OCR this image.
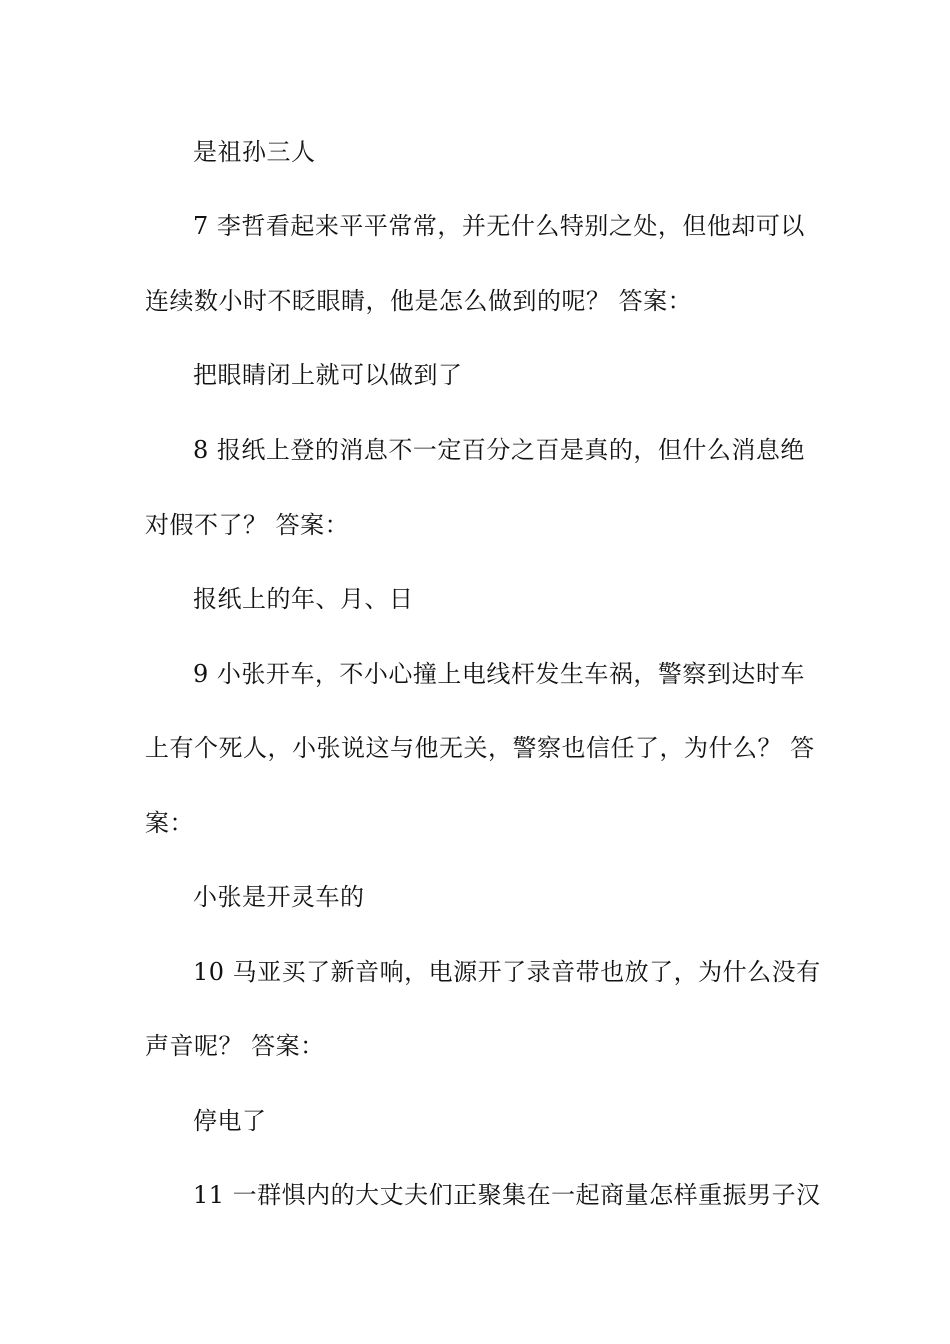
是祖孙三人
7 李哲看起来平平常常，并无什么特别之处，但他却可以
连续数小时不眨眼睛，他是怎么做到的呢？ 答案：
把眼睛闭上就可以做到了
8 报纸上登的消息不一定百分之百是真的，但什么消息绝
对假不了？ 答案：
报纸上的年、月、日
9 小张开车，不小心撞上电线杆发生车祸，警察到达时车
上有个死人，小张说这与他无关，警察也信任了，为什么？ 答
案：
小张是开灵车的
10 马亚买了新音响，电源开了录音带也放了，为什么没有
声音呢？ 答案：
停电了
11 一群惧内的大丈夫们正聚集在一起商量怎样重振男子汉
